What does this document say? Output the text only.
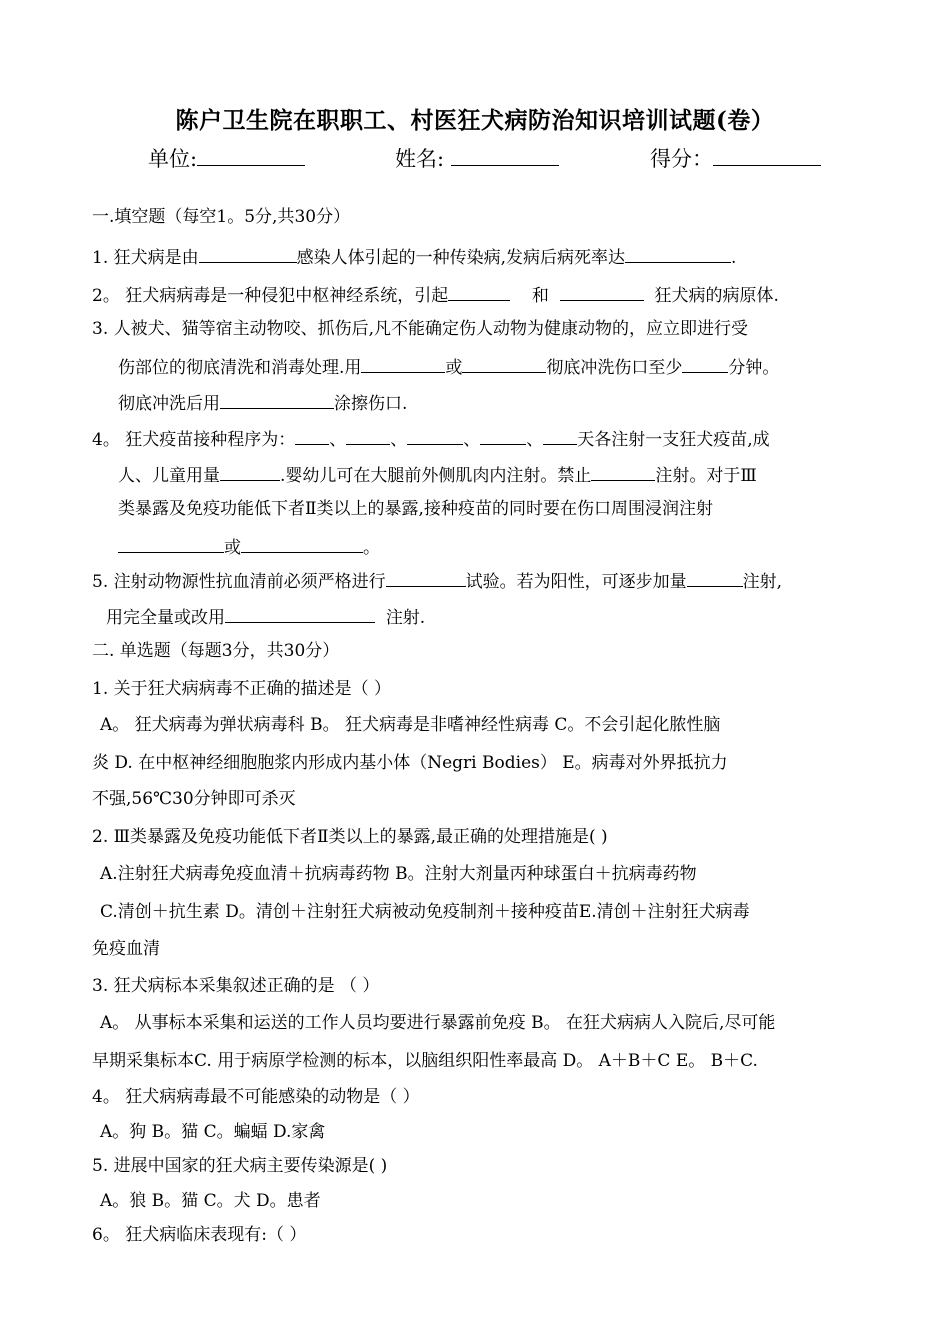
陈户卫生院在职职工、村医狂犬病防治知识培训试题(卷）
单位:	姓名:	得分：
一.填空题（每空1。5分,共30分）
1. 狂犬病是由	感染人体引起的一种传染病,发病后病死率达	.
2。 狂犬病病毒是一种侵犯中枢神经系统，引起	和	狂犬病的病原体.
3. 人被犬、猫等宿主动物咬、抓伤后,凡不能确定伤人动物为健康动物的，应立即进行受
伤部位的彻底清洗和消毒处理.用	或	彻底冲洗伤口至少	分钟。
彻底冲洗后用	涂擦伤口.
4。 狂犬疫苗接种程序为： 、	、	、	、 天各注射一支狂犬疫苗,成
人、儿童用量	.婴幼儿可在大腿前外侧肌肉内注射。禁止	注射。对于Ⅲ
类暴露及免疫功能低下者Ⅱ类以上的暴露,接种疫苗的同时要在伤口周围浸润注射
或	。
5. 注射动物源性抗血清前必须严格进行	试验。若为阳性，可逐步加量	注射,
用完全量或改用	注射.
二. 单选题（每题3分，共30分）
1. 关于狂犬病病毒不正确的描述是（ ）
A。 狂犬病毒为弹状病毒科 B。 狂犬病毒是非嗜神经性病毒 C。不会引起化脓性脑
炎 D. 在中枢神经细胞胞浆内形成内基小体（Negri Bodies） E。病毒对外界抵抗力
不强,56℃30分钟即可杀灭
2. Ⅲ类暴露及免疫功能低下者Ⅱ类以上的暴露,最正确的处理措施是( )
A.注射狂犬病毒免疫血清＋抗病毒药物 B。注射大剂量丙种球蛋白＋抗病毒药物
C.清创＋抗生素 D。清创＋注射狂犬病被动免疫制剂＋接种疫苗E.清创＋注射狂犬病毒
免疫血清
3. 狂犬病标本采集叙述正确的是 （ ）
A。 从事标本采集和运送的工作人员均要进行暴露前免疫 B。 在狂犬病病人入院后,尽可能
早期采集标本C. 用于病原学检测的标本，以脑组织阳性率最高 D。 A＋B＋C E。 B＋C.
4。 狂犬病病毒最不可能感染的动物是（ ）
A。狗 B。猫 C。蝙蝠 D.家禽
5. 进展中国家的狂犬病主要传染源是( )
A。狼 B。猫 C。犬 D。患者
6。 狂犬病临床表现有:（ ）
